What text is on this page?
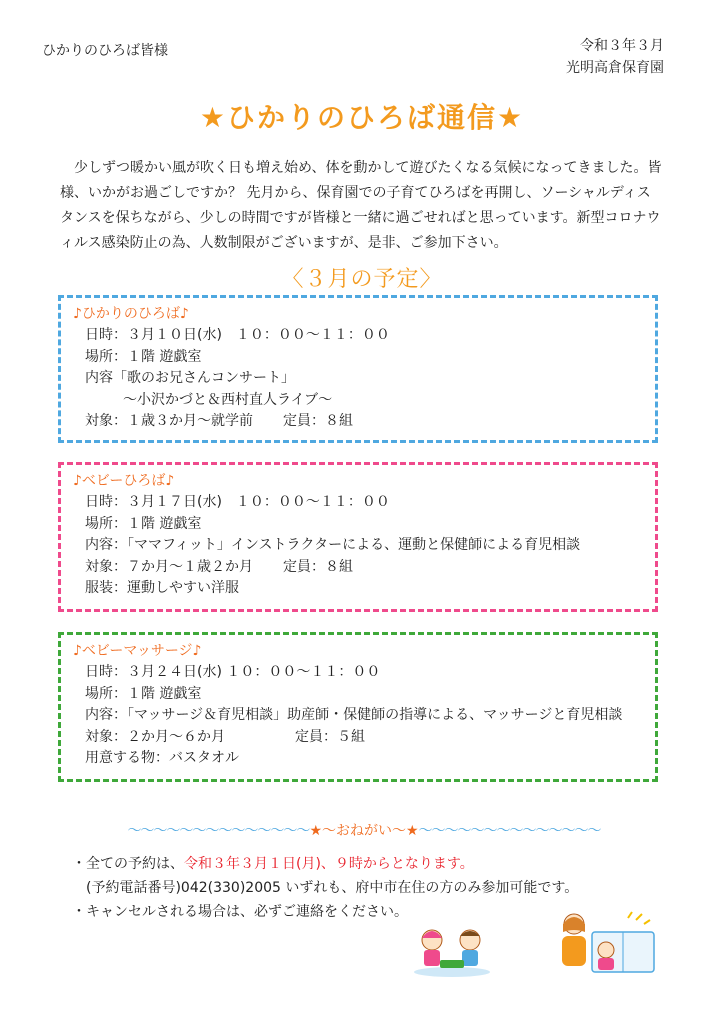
ひかりのひろば皆様	令和３年３月
光明高倉保育園
★ひかりのひろば通信★
少しずつ暖かい風が吹く日も増え始め、体を動かして遊びたくなる気候になってきました。皆様、いかがお過ごしですか？ 先月から、保育園での子育てひろばを再開し、ソーシャルディスタンスを保ちながら、少しの時間ですが皆様と一緒に過ごせればと思っています。新型コロナウィルス感染防止の為、人数制限がございますが、是非、ご参加下さい。
〈３月の予定〉
♪ひかりのひろば♪
日時：３月１０日(水)　１０：００～１１：００
場所：１階 遊戯室
内容「歌のお兄さんコンサート」
～小沢かづと＆西村直人ライブ～
対象：１歳３か月～就学前 定員：８組
♪ベビーひろば♪
日時：３月１７日(水)　１０：００～１１：００
場所：１階 遊戯室
内容：「ママフィット」インストラクターによる、運動と保健師による育児相談
対象：７か月～１歳２か月 定員：８組
服装：運動しやすい洋服
♪ベビーマッサージ♪
日時：３月２４日(水) １０：００～１１：００
場所：１階 遊戯室
内容：「マッサージ＆育児相談」助産師・保健師の指導による、マッサージと育児相談
対象：２か月～６か月	定員：５組
用意する物：バスタオル
～～～～～～～～～～～～～～★～おねがい～★～～～～～～～～～～～～～～
・全ての予約は、令和３年３月１日(月)、９時からとなります。
(予約電話番号)042(330)2005 いずれも、府中市在住の方のみ参加可能です。
・キャンセルされる場合は、必ずご連絡をください。
